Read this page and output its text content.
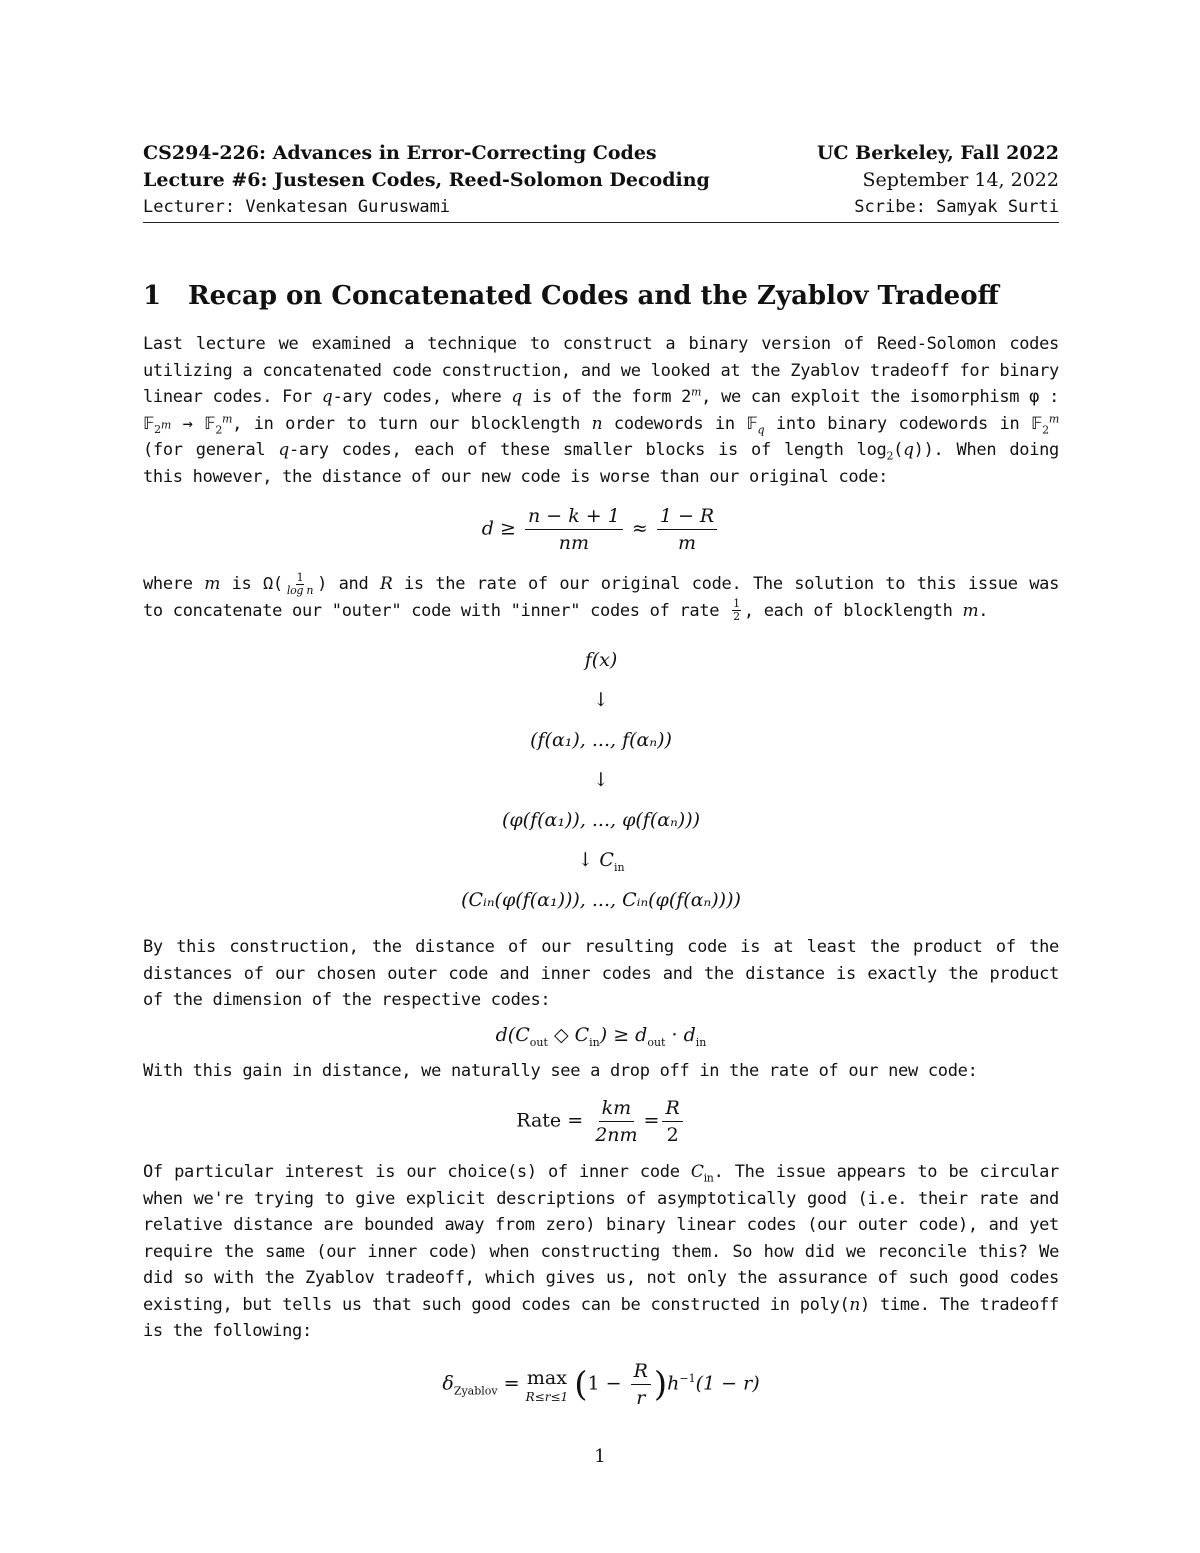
CS294-226: Advances in Error-Correcting Codes	UC Berkeley, Fall 2022
Lecture #6: Justesen Codes, Reed-Solomon Decoding	September 14, 2022
Lecturer: Venkatesan Guruswami	Scribe: Samyak Surti
1	Recap on Concatenated Codes and the Zyablov Tradeoff

Last lecture we examined a technique to construct a binary version of Reed-Solomon codes utilizing a concatenated code construction, and we looked at the Zyablov tradeoff for binary linear codes. For q-ary codes, where q is of the form 2$^m$, we can exploit the isomorphism φ : 𝔽$_{2^m}$ → 𝔽$_2^m$, in order to turn our blocklength n codewords in 𝔽$_q$ into binary codewords in 𝔽$_2^m$ (for general q-ary codes, each of these smaller blocks is of length $\log_2(q)$). When doing this however, the distance of our new code is worse than our original code:

$d \ge \frac{n - k + 1}{nm} \approx \frac{1 - R}{m}$

where m is $\Omega( \frac{1}{\text{log n}}$ ) and R is the rate of our original code. The solution to this issue was to concatenate our "outer" code with "inner" codes of rate $\frac{1}{2}$ , each of blocklength m.

f(x)
↓
(f(α₁), ..., f(αₙ))
↓
(φ(f(α₁)), ..., φ(f(αₙ)))
↓ $C_{in}$
(Cᵢₙ(φ(f(α₁))), ..., Cᵢₙ(φ(f(αₙ))))

By this construction, the distance of our resulting code is at least the product of the distances of our chosen outer code and inner codes and the distance is exactly the product of the dimension of the respective codes:

$d(C_{out}$ ◇ $C_{in}) \ge d_{out} \cdot d_{in}$

With this gain in distance, we naturally see a drop off in the rate of our new code:

Rate = $\frac{km}{2nm} = \frac{R}{2}$

Of particular interest is our choice(s) of inner code $C_{in}$. The issue appears to be circular when we're trying to give explicit descriptions of asymptotically good (i.e. their rate and relative distance are bounded away from zero) binary linear codes (our outer code), and yet require the same (our inner code) when constructing them. So how did we reconcile this? We did so with the Zyablov tradeoff, which gives us, not only the assurance of such good codes existing, but tells us that such good codes can be constructed in poly(n) time. The tradeoff is the following:

$\delta_{Zyablov} = \max$
R≤r≤1 $(1 - \frac{R}{r} )h^{-1}(1 - r)$
1
